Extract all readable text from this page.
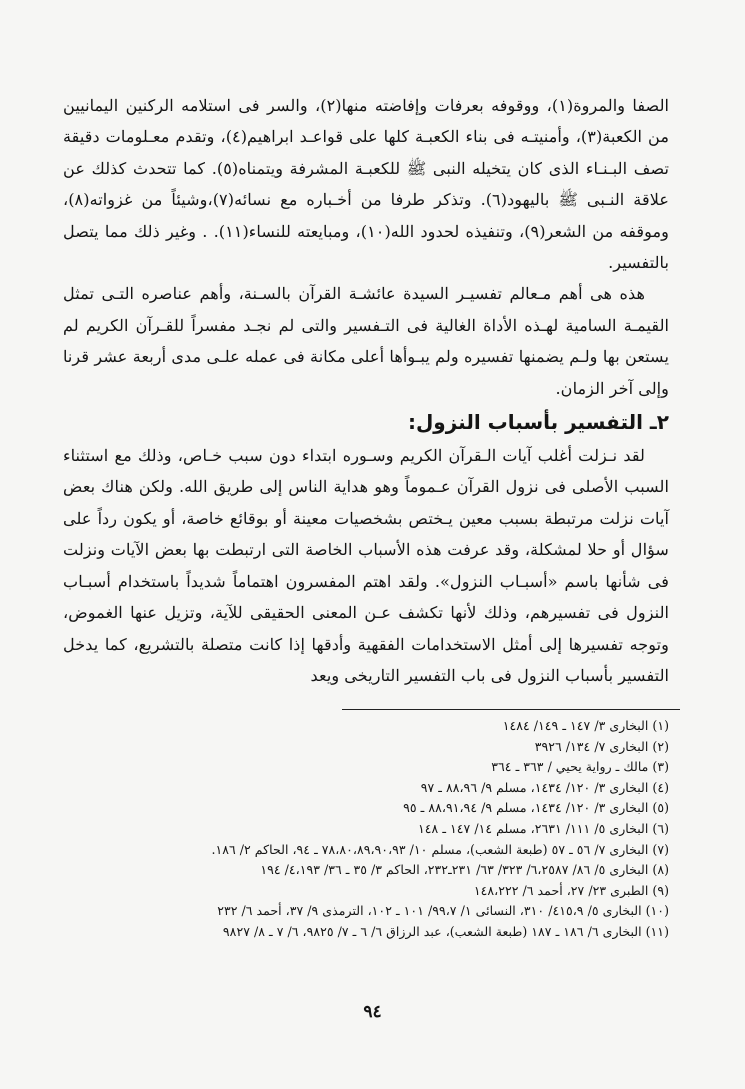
الصفا والمروة(١)، ووقوفه بعرفات وإفاضته منها(٢)، والسر فى استلامه الركنين اليمانيين من الكعبة(٣)، وأمنيتـه فى بناء الكعبـة كلها على قواعـد ابراهيم(٤)، وتقدم معـلومات دقيقة تصف البـنـاء الذى كان يتخيله النبى ﷺ للكعبـة المشرفة ويتمناه(٥). كما تتحدث كذلك عن علاقة النـبى ﷺ باليهود(٦). وتذكر طرفا من أخـباره مع نسائه(٧)،وشيئاً من غزواته(٨)، وموقفه من الشعر(٩)، وتنفيذه لحدود الله(١٠)، ومبايعته للنساء(١١). . وغير ذلك مما يتصل بالتفسير.

هذه هى أهم مـعالم تفسيـر السيدة عائشـة القرآن بالسـنة، وأهم عناصره التـى تمثل القيمـة السامية لهـذه الأداة الغالية فى التـفسير والتى لم نجـد مفسراً للقـرآن الكريم لم يستعن بها ولـم يضمنها تفسيره ولم يبـوأها أعلى مكانة فى عمله علـى مدى أربعة عشر قرنا وإلى آخر الزمان.

٢ـ التفسير بأسباب النزول:

لقد نـزلت أغلب آيات الـقرآن الكريم وسـوره ابتداء دون سبب خـاص، وذلك مع استثناء السبب الأصلى فى نزول القرآن عـموماً وهو هداية الناس إلى طريق الله. ولكن هناك بعض آيات نزلت مرتبطة بسبب معين يـختص بشخصيات معينة أو بوقائع خاصة، أو يكون رداً على سؤال أو حلا لمشكلة، وقد عرفت هذه الأسباب الخاصة التى ارتبطت بها بعض الآيات ونزلت فى شأنها باسم «أسبـاب النزول». ولقد اهتم المفسرون اهتماماً شديداً باستخدام أسبـاب النزول فى تفسيرهم، وذلك لأنها تكشف عـن المعنى الحقيقى للآية، وتزيل عنها الغموض، وتوجه تفسيرها إلى أمثل الاستخدامات الفقهية وأدقها إذا كانت متصلة بالتشريع، كما يدخل التفسير بأسباب النزول فى باب التفسير التاريخى ويعد

(١) البخارى ٣/ ١٤٧ ـ ١٤٩/ ١٤٨٤
(٢) البخارى ٧/ ١٣٤/ ٣٩٢٦
(٣) مالك ـ رواية يحيي / ٣٦٣ ـ ٣٦٤
(٤) البخارى ٣/ ١٢٠/ ١٤٣٤، مسلم ٩/ ٨٨،٩٦ ـ ٩٧
(٥) البخارى ٣/ ١٢٠/ ١٤٣٤، مسلم ٩/ ٨٨،٩١،٩٤ ـ ٩٥
(٦) البخارى ٥/ ١١١/ ٢٦٣١، مسلم ١٤/ ١٤٧ ـ ١٤٨
(٧) البخارى ٧/ ٥٦ ـ ٥٧ (طبعة الشعب)، مسلم ١٠/ ٧٨،٨٠،٨٩،٩٠،٩٣ ـ ٩٤، الحاكم ٢/ ١٨٦.
(٨) البخارى ٥/ ٨٦/ ٦،٢٥٨٧/ ٣٢٣/ ٦٣/ ٢٣١ـ٢٣٢، الحاكم ٣/ ٣٥ ـ ٣٦/ ٤،١٩٣/ ١٩٤
(٩) الطبرى ٢٣/ ٢٧، أحمد ٦/ ١٤٨،٢٢٢
(١٠) البخارى ٥/ ٤١٥،٩/ ٣١٠، النسائى ١/ ٩٩،٧/ ١٠١ ـ ١٠٢، الترمذى ٩/ ٣٧، أحمد ٦/ ٢٣٢
(١١) البخارى ٦/ ١٨٦ ـ ١٨٧ (طبعة الشعب)، عبد الرزاق ٦/ ٦ ـ ٧/ ٩٨٢٥، ٦/ ٧ ـ ٨/ ٩٨٢٧
٩٤
